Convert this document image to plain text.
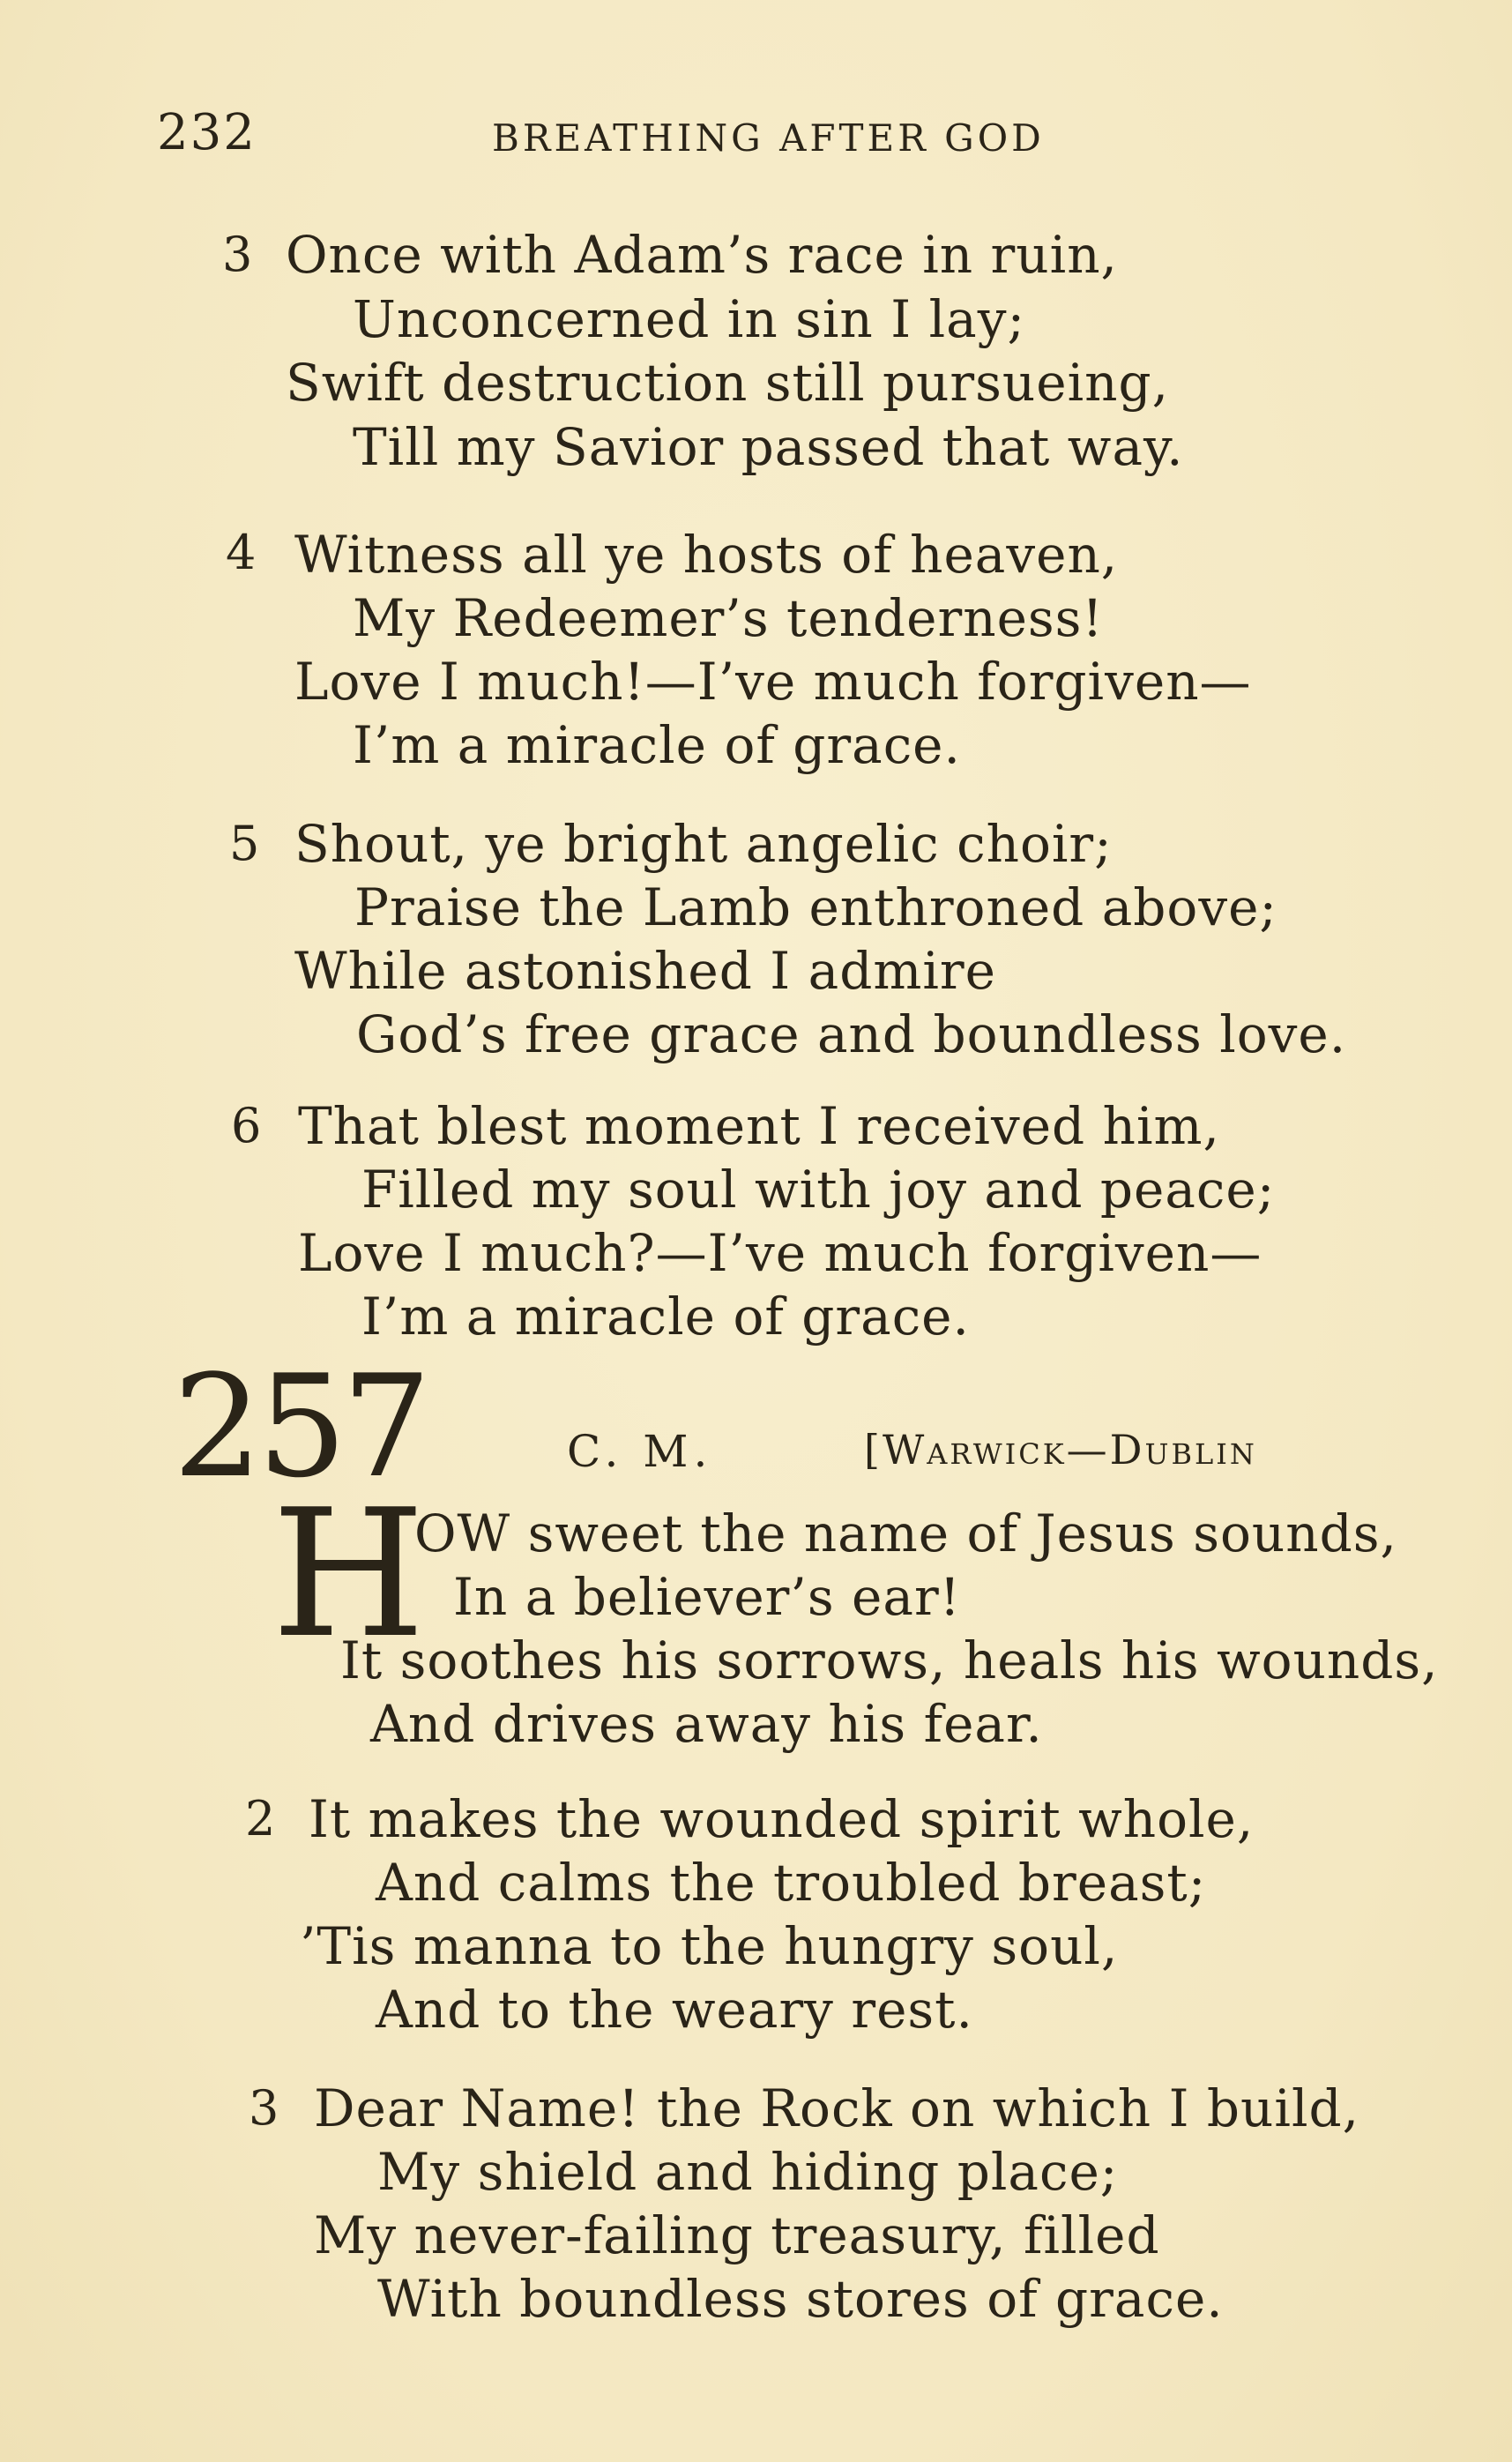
232	BREATHING AFTER GOD
3 Once with Adam’s race in ruin,
Unconcerned in sin I lay;
Swift destruction still pursueing,
Till my Savior passed that way.
4 Witness all ye hosts of heaven,
My Redeemer’s tenderness!
Love I much!—I’ve much forgiven—
I’m a miracle of grace.
5 Shout, ye bright angelic choir;
Praise the Lamb enthroned above;
While astonished I admire
God’s free grace and boundless love.
6 That blest moment I received him,
Filled my soul with joy and peace;
Love I much?—I’ve much forgiven—
I’m a miracle of grace.
257	C. M.	[Warwick—Dublin
H
OW sweet the name of Jesus sounds,
In a believer’s ear!
It soothes his sorrows, heals his wounds,
And drives away his fear.
2 It makes the wounded spirit whole,
And calms the troubled breast;
’Tis manna to the hungry soul,
And to the weary rest.
3 Dear Name! the Rock on which I build,
My shield and hiding place;
My never-failing treasury, filled
With boundless stores of grace.
